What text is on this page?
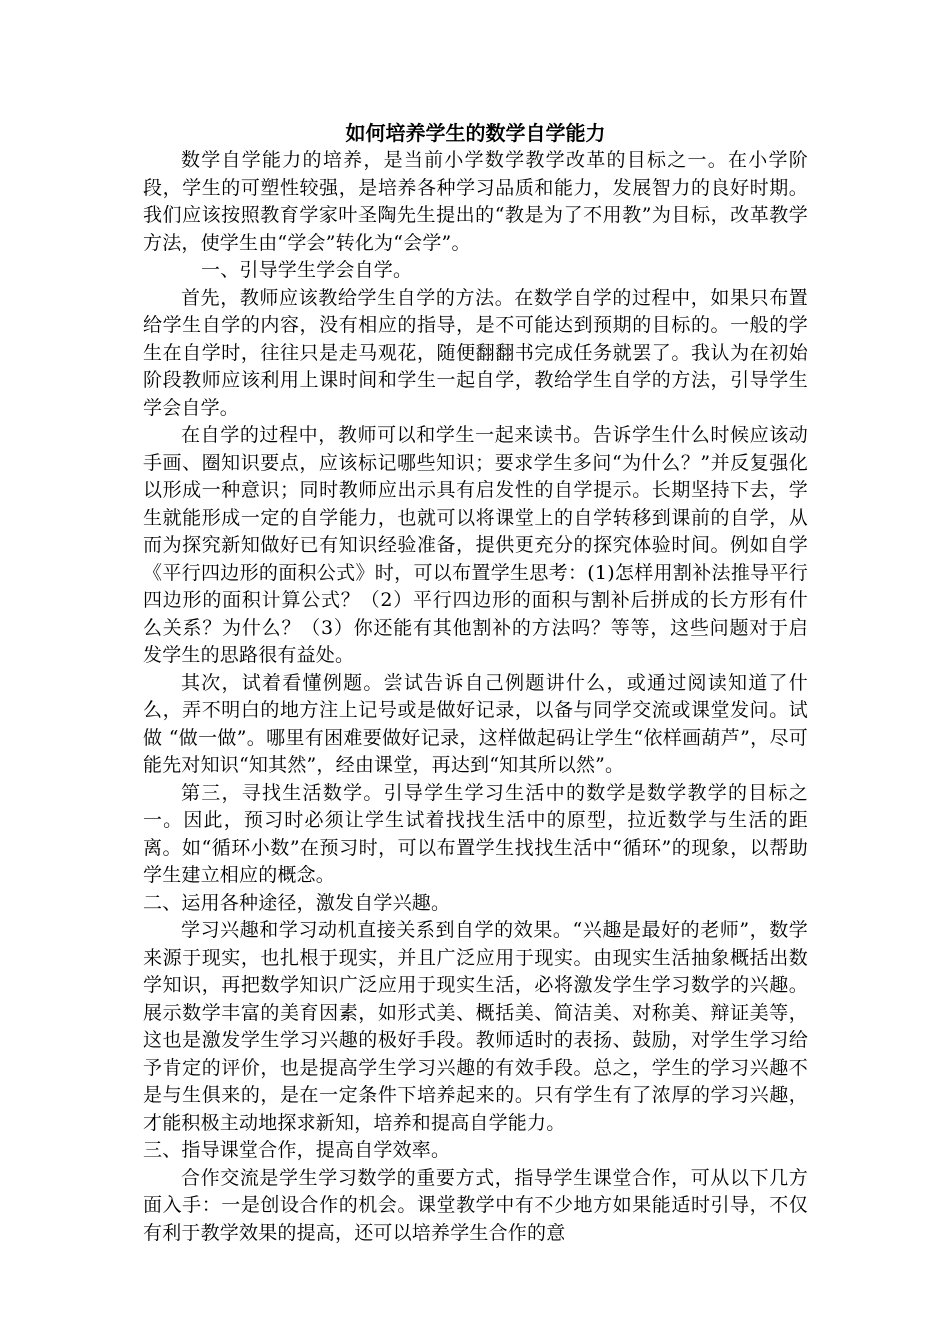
如何培养学生的数学自学能力

数学自学能力的培养，是当前小学数学教学改革的目标之一。在小学阶段，学生的可塑性较强，是培养各种学习品质和能力，发展智力的良好时期。我们应该按照教育学家叶圣陶先生提出的“教是为了不用教”为目标，改革教学方法，使学生由“学会”转化为“会学”。

一、引导学生学会自学。

首先，教师应该教给学生自学的方法。在数学自学的过程中，如果只布置给学生自学的内容，没有相应的指导，是不可能达到预期的目标的。一般的学生在自学时，往往只是走马观花，随便翻翻书完成任务就罢了。我认为在初始阶段教师应该利用上课时间和学生一起自学，教给学生自学的方法，引导学生学会自学。

在自学的过程中，教师可以和学生一起来读书。告诉学生什么时候应该动手画、圈知识要点，应该标记哪些知识；要求学生多问“为什么？”并反复强化以形成一种意识；同时教师应出示具有启发性的自学提示。长期坚持下去，学生就能形成一定的自学能力，也就可以将课堂上的自学转移到课前的自学，从而为探究新知做好已有知识经验准备，提供更充分的探究体验时间。例如自学《平行四边形的面积公式》时，可以布置学生思考：(1)怎样用割补法推导平行四边形的面积计算公式？（2）平行四边形的面积与割补后拼成的长方形有什么关系？为什么？（3）你还能有其他割补的方法吗？等等，这些问题对于启发学生的思路很有益处。

其次，试着看懂例题。尝试告诉自己例题讲什么，或通过阅读知道了什么，弄不明白的地方注上记号或是做好记录，以备与同学交流或课堂发问。试做 “做一做”。哪里有困难要做好记录，这样做起码让学生“依样画葫芦”，尽可能先对知识“知其然”，经由课堂，再达到“知其所以然”。

第三，寻找生活数学。引导学生学习生活中的数学是数学教学的目标之一。因此，预习时必须让学生试着找找生活中的原型，拉近数学与生活的距离。如“循环小数”在预习时，可以布置学生找找生活中“循环”的现象，以帮助学生建立相应的概念。

二、运用各种途径，激发自学兴趣。

学习兴趣和学习动机直接关系到自学的效果。“兴趣是最好的老师”，数学来源于现实，也扎根于现实，并且广泛应用于现实。由现实生活抽象概括出数学知识，再把数学知识广泛应用于现实生活，必将激发学生学习数学的兴趣。展示数学丰富的美育因素，如形式美、概括美、简洁美、对称美、辩证美等，这也是激发学生学习兴趣的极好手段。教师适时的表扬、鼓励，对学生学习给予肯定的评价，也是提高学生学习兴趣的有效手段。总之，学生的学习兴趣不是与生俱来的，是在一定条件下培养起来的。只有学生有了浓厚的学习兴趣，才能积极主动地探求新知，培养和提高自学能力。

三、指导课堂合作，提高自学效率。

合作交流是学生学习数学的重要方式，指导学生课堂合作，可从以下几方面入手：一是创设合作的机会。课堂教学中有不少地方如果能适时引导，不仅有利于教学效果的提高，还可以培养学生合作的意
